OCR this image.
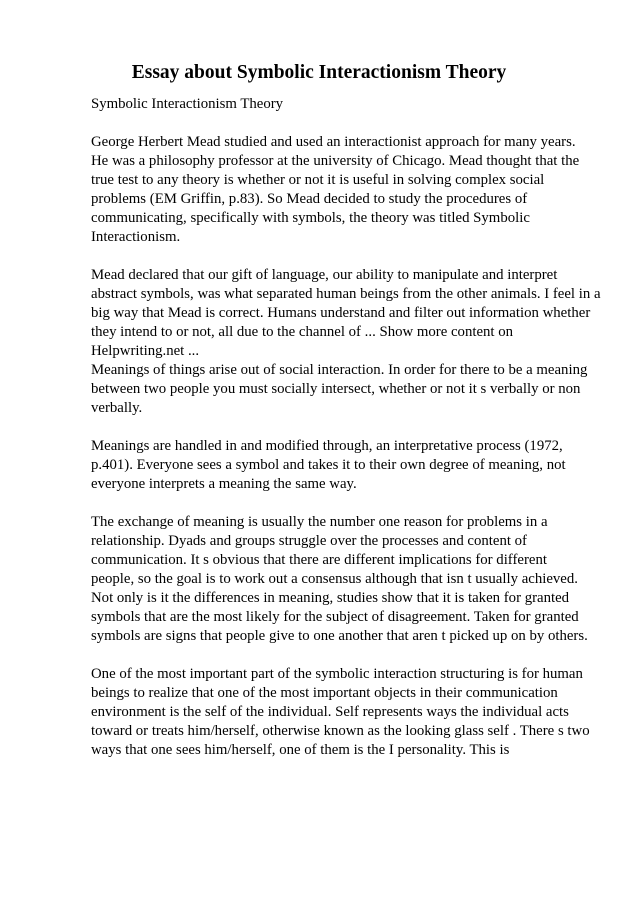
Essay about Symbolic Interactionism Theory

Symbolic Interactionism Theory

George Herbert Mead studied and used an interactionist approach for many years.
He was a philosophy professor at the university of Chicago. Mead thought that the
true test to any theory is whether or not it is useful in solving complex social
problems (EM Griffin, p.83). So Mead decided to study the procedures of
communicating, specifically with symbols, the theory was titled Symbolic
Interactionism.

Mead declared that our gift of language, our ability to manipulate and interpret
abstract symbols, was what separated human beings from the other animals. I feel in a
big way that Mead is correct. Humans understand and filter out information whether
they intend to or not, all due to the channel of ... Show more content on
Helpwriting.net ...

Meanings of things arise out of social interaction. In order for there to be a meaning
between two people you must socially intersect, whether or not it s verbally or non
verbally.

Meanings are handled in and modified through, an interpretative process (1972,
p.401). Everyone sees a symbol and takes it to their own degree of meaning, not
everyone interprets a meaning the same way.

The exchange of meaning is usually the number one reason for problems in a
relationship. Dyads and groups struggle over the processes and content of
communication. It s obvious that there are different implications for different
people, so the goal is to work out a consensus although that isn t usually achieved.
Not only is it the differences in meaning, studies show that it is taken for granted
symbols that are the most likely for the subject of disagreement. Taken for granted
symbols are signs that people give to one another that aren t picked up on by others.

One of the most important part of the symbolic interaction structuring is for human
beings to realize that one of the most important objects in their communication
environment is the self of the individual. Self represents ways the individual acts
toward or treats him/herself, otherwise known as the looking glass self . There s two
ways that one sees him/herself, one of them is the I personality. This is
